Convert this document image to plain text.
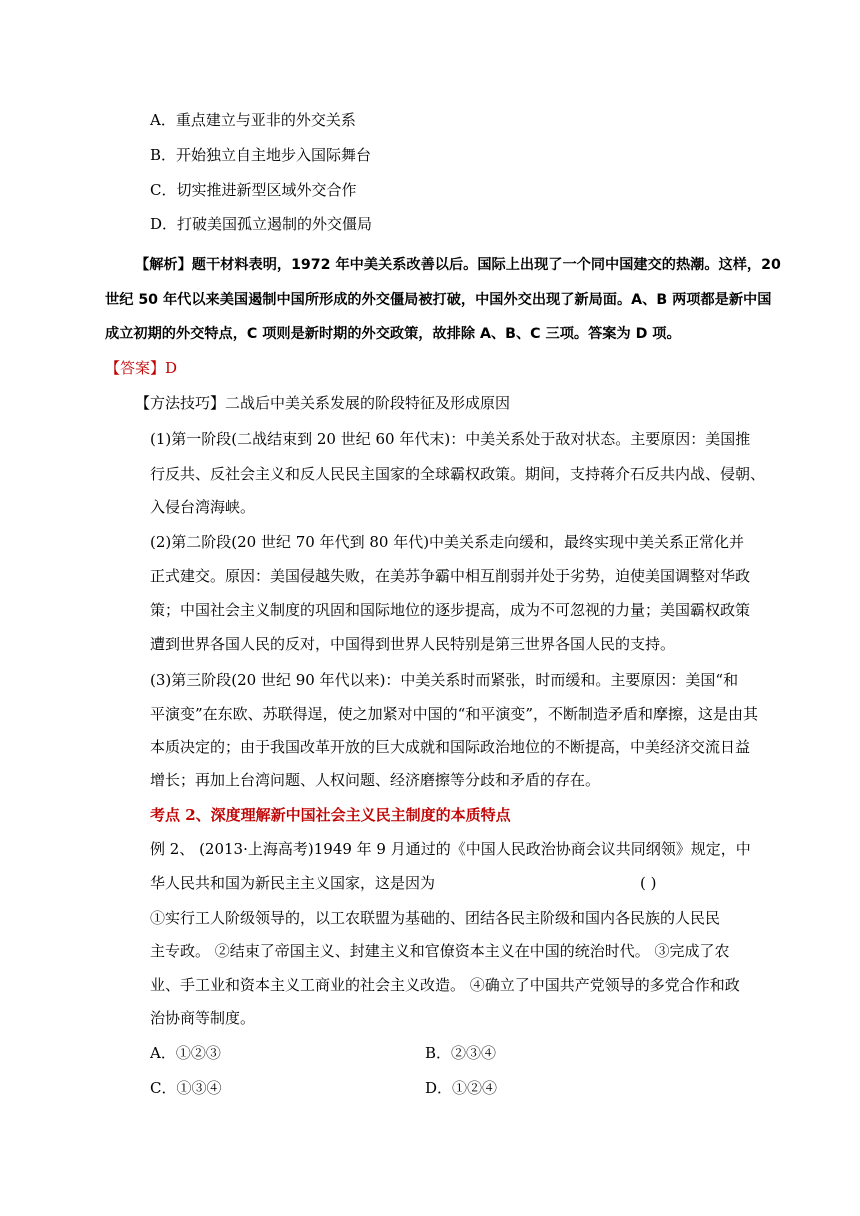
A．重点建立与亚非的外交关系
B．开始独立自主地步入国际舞台
C．切实推进新型区域外交合作
D．打破美国孤立遏制的外交僵局
【解析】题干材料表明，1972 年中美关系改善以后。国际上出现了一个同中国建交的热潮。这样，20
世纪 50 年代以来美国遏制中国所形成的外交僵局被打破，中国外交出现了新局面。A、B 两项都是新中国
成立初期的外交特点，C 项则是新时期的外交政策，故排除 A、B、C 三项。答案为 D 项。
【答案】D
【方法技巧】二战后中美关系发展的阶段特征及形成原因
(1)第一阶段(二战结束到 20 世纪 60 年代末)：中美关系处于敌对状态。主要原因：美国推
行反共、反社会主义和反人民民主国家的全球霸权政策。期间，支持蒋介石反共内战、侵朝、
入侵台湾海峡。
(2)第二阶段(20 世纪 70 年代到 80 年代)中美关系走向缓和，最终实现中美关系正常化并
正式建交。原因：美国侵越失败，在美苏争霸中相互削弱并处于劣势，迫使美国调整对华政
策；中国社会主义制度的巩固和国际地位的逐步提高，成为不可忽视的力量；美国霸权政策
遭到世界各国人民的反对，中国得到世界人民特别是第三世界各国人民的支持。
(3)第三阶段(20 世纪 90 年代以来)：中美关系时而紧张，时而缓和。主要原因：美国“和
平演变”在东欧、苏联得逞，使之加紧对中国的“和平演变”，不断制造矛盾和摩擦，这是由其
本质决定的；由于我国改革开放的巨大成就和国际政治地位的不断提高，中美经济交流日益
增长；再加上台湾问题、人权问题、经济磨擦等分歧和矛盾的存在。
考点 2、深度理解新中国社会主义民主制度的本质特点
例 2、 (2013·上海高考)1949 年 9 月通过的《中国人民政治协商会议共同纲领》规定，中
华人民共和国为新民主主义国家，这是因为	( )
①实行工人阶级领导的，以工农联盟为基础的、团结各民主阶级和国内各民族的人民民
主专政。 ②结束了帝国主义、封建主义和官僚资本主义在中国的统治时代。 ③完成了农
业、手工业和资本主义工商业的社会主义改造。 ④确立了中国共产党领导的多党合作和政
治协商等制度。
A．①②③	B．②③④
C．①③④	D．①②④
